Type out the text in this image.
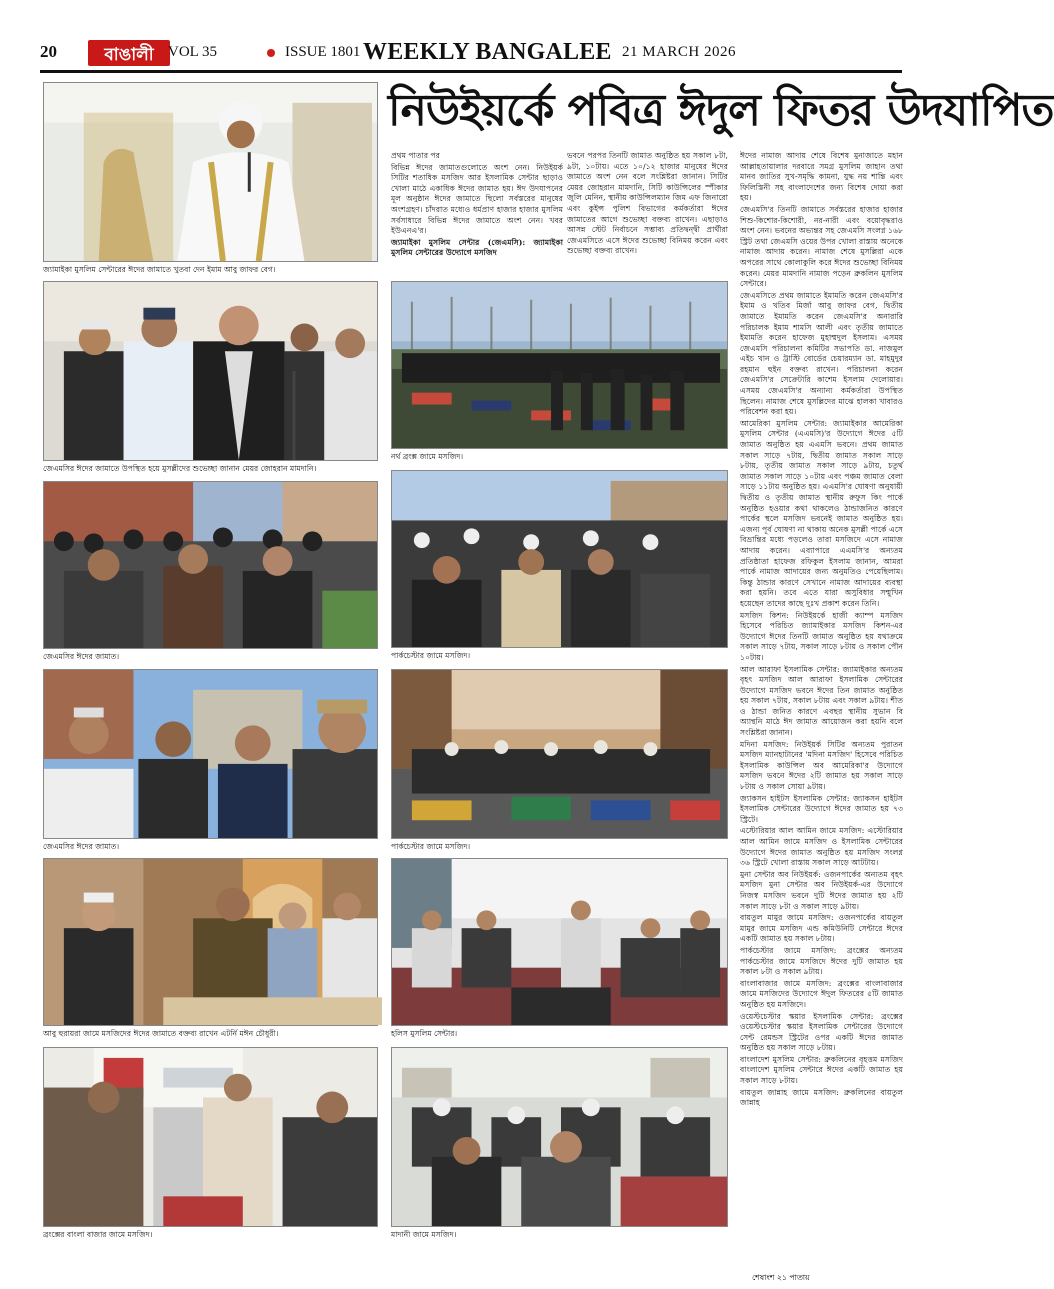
20	বাঙালী VOL 35	ISSUE 1801 WEEKLY BANGALEE 21 MARCH 2026
নিউইয়র্কে পবিত্র ঈদুল ফিতর উদযাপিত
জ্যামাইকা মুসলিম সেন্টারের ঈদের জামাতে খুতবা দেন ইমাম আবু জাফর বেগ।
জেএমসির ঈদের জামাতে উপস্থিত হয়ে মুসল্লীদের শুভেচ্ছা জানান মেয়র জোহরান মামদানি।
নর্থ ব্রংক্স জামে মসজিদ।
জেএমসির ঈদের জামাত।	পার্কচেস্টার জামে মসজিদ।
জেএমসির ঈদের জামাত।	পার্কচেস্টার জামে মসজিদ।
আবু হুরায়রা জামে মসজিদের ঈদের জামাতে বক্তব্য রাখেন এটর্নি মঈন চৌধুরী।	হলিস মুসলিম সেন্টার।
ব্রংক্সের বাংলা বাজার জামে মসজিদ।	মাদানী জামে মসজিদ।

প্রথম পাতার পর

বিভিন্ন ঈদের জামাতগুলোতে অংশ নেন। নিউইয়র্ক সিটির শতাধিক মসজিদ আর ইসলামিক সেন্টার ছাড়াও খোলা মাঠে একাধিক ঈদের জামাত হয়। ঈদ উদযাপনের মূল অনুষ্ঠান ঈদের জামাতে ছিলো সর্বস্তরের মানুষের অংশগ্রহণ। চাঁদরাত মধ্যেও ধর্মপ্রাণ হাজার হাজার মুসলিম সর্বসাধারে বিভিন্ন ঈদের জামাতে অংশ নেন। খবর ইউএনএ'র।

জ্যামাইকা মুসলিম সেন্টার (জেএমসি): জ্যামাইকা মুসলিম সেন্টারের উদ্যোগে মসজিদ

ভবনে পরপর তিনটি জামাত অনুষ্ঠিত হয় সকাল ৮টা, ৯টা, ১০টায়। এতে ১০/১২ হাজার মানুষের ঈদের জামাতে অংশ নেন বলে সংশ্লিষ্টরা জানান। সিটির মেয়র জোহরান মামদানি, সিটি কাউন্সিলের স্পীকার জুলি মেনিন, স্থানীয় কাউন্সিলম্যান জিম এফ জিনারো এবং কুইন্স পুলিশ বিভাগের কর্মকর্তারা ঈদের জামাতের আগে শুভেচ্ছা বক্তব্য রাখেন। এছাড়াও আসন্ন স্টেট নির্বাচনে সম্ভাব্য প্রতিদ্বন্দ্বী প্রার্থীরা জেএমসিতে এসে ঈদের শুভেচ্ছা বিনিময় করেন এবং শুভেচ্ছা বক্তব্য রাখেন।

ঈদের নামাজ আদায় শেষে বিশেষ মুনাজাতে মহান আল্লাহতায়ালার দরবারে সমগ্র মুসলিম জাহান তথা মানব জাতির সুখ-সমৃদ্ধি কামনা, যুদ্ধ নয় শান্তি এবং ফিলিস্তিনী সহ বাংলাদেশের জন্য বিশেষ দোয়া করা হয়।

জেএমসি'র তিনটি জামাতে সর্বস্তরের হাজার হাজার শিশু-কিশোর-কিশোরী, নর-নারী এবং বয়োবৃদ্ধরাও অংশ নেন। ভবনের অভ্যন্তর সহ জেএমসি সংলগ্ন ১৬৮ স্ট্রিট তথা জেএমসি ওয়ের উপর খোলা রাস্তায় অনেকে নামাজ আদায় করেন। নামাজ শেষে মুসল্লিরা একে অপরের সাথে কোলাকুলি করে ঈদের শুভেচ্ছা বিনিময় করেন। মেয়র মামদানি নামাজ পড়েন ব্রুকলিন মুসলিম সেন্টারে।

জেএমসিতে প্রথম জামাতে ইমামতি করেন জেএমসি'র ইমাম ও খতিব মির্জা আবু জাফর বেগ, দ্বিতীয় জামাতে ইমামতি করেন জেএমসি'র অনারারি পরিচালক ইমাম শামসি আলী এবং তৃতীয় জামাতে ইমামতি করেন হাফেজ মুহাম্মদুল ইসলাম। এসময় জেএমসি পরিচালনা কমিটির সভাপতি ডা. নাজমুল এইচ খান ও ট্রাস্টি বোর্ডের চেয়ারম্যান ডা. মাহমুদুর রহমান হুইন বক্তব্য রাখেন। পরিচালনা করেন জেএমসি'র সেক্রেটারি কাশেম ইসলাম দেলোয়ার। এসময় জেএমসি'র অন্যান্য কর্মকর্তারা উপস্থিত ছিলেন। নামাজ শেষে মুসল্লিদের মাঝে হালকা খাবারও পরিবেশন করা হয়।

আমেরিকা মুসলিম সেন্টার: জ্যামাইকার আমেরিকা মুসলিম সেন্টার (এএমসি)'র উদ্যোগে ঈদের ৫টি জামাত অনুষ্ঠিত হয় এএমসি ভবনে। প্রথম জামাত সকাল সাড়ে ৭টায়, দ্বিতীয় জামাত সকাল সাড়ে ৮টায়, তৃতীয় জামাত সকাল সাড়ে ৯টায়, চতুর্থ জামাত সকাল সাড়ে ১০টায় এবং পঞ্চম জামাত বেলা সাড়ে ১১টায় অনুষ্ঠিত হয়। এএমসি'র ঘোষণা অনুযায়ী দ্বিতীয় ও তৃতীয় জামাত স্থানীয় রুফুস কিং পার্কে অনুষ্ঠিত হওয়ার কথা থাকলেও ঠান্ডাজনিত কারণে পার্কের স্থলে মসজিদ ভবনেই জামাত অনুষ্ঠিত হয়। এজন্য পূর্ব ঘোষণা না থাকায় অনেক মুসল্লী পার্কে এসে বিভ্রান্তির মধ্যে পড়লেও তারা মসজিদে এসে নামাজ আদায় করেন। এব্যাপারে এএমসি'র অন্যতম প্রতিষ্ঠাতা হাফেজ রফিকুল ইসলাম জানান, আমরা পার্কে নামাজ আদায়ের জন্য অনুমতিও পেয়েছিলাম। কিন্তু ঠান্ডার কারণে সেখানে নামাজ আদায়ের ব্যবস্থা করা হয়নি। তবে এতে যারা অসুবিধার সম্মুখিন হয়েছেন তাদের কাছে দুঃখ প্রকাশ করেন তিনি।

মসজিদ কিশন: নিউইয়র্কে হাজী ক্যাম্প মসজিদ হিসেবে পরিচিত জ্যামাইকার মসজিদ কিশন-এর উদ্যোগে ঈদের তিনটি জামাত অনুষ্ঠিত হয় যথাক্রমে সকাল সাড়ে ৭টায়, সকাল সাড়ে ৮টায় ও সকাল পৌন ১০টায়।

আল আরাফা ইসলামিক সেন্টার: জ্যামাইকার অন্যতম বৃহৎ মসজিদ আল আরাফা ইসলামিক সেন্টারের উদ্যোগে মসজিদ ভবনে ঈদের তিন জামাত অনুষ্ঠিত হয় সকাল ৭টায়, সকাল ৮টায় এবং সকাল ৯টায়। শীত ও ঠান্ডা জনিত কারণে এবছর স্থানীয় সুভান বি অ্যান্থনি মাঠে ঈদ জামাত আয়োজন করা হয়নি বলে সংশ্লিষ্টরা জানান।

মদিনা মসজিদ: নিউইয়র্ক সিটির অন্যতম পুরাতন মসজিদ ম্যানহাটানের 'মদিনা মসজিদ' হিসেবে পরিচিত ইসলামিক কাউন্সিল অব আমেরিকা'র উদ্যোগে মসজিদ ভবনে ঈদের ২টি জামাত হয় সকাল সাড়ে ৮টায় ও সকাল সোয়া ৯টায়।

জ্যাকসন হাইটস ইসলামিক সেন্টার: জ্যাকসন হাইটস ইসলামিক সেন্টারের উদ্যোগে ঈদের জামাত হয় ৭৩ স্ট্রিটে।

এস্টোরিয়ার আল আমিন জামে মসজিদ: এস্টোরিয়ার আল আমিন জামে মসজিদ ও ইসলামিক সেন্টারের উদ্যোগে ঈদের জামাত অনুষ্ঠিত হয় মসজিদ সংলগ্ন ৩৬ স্ট্রিটে খোলা রাস্তায় সকাল সাড়ে আটটায়।

মুনা সেন্টার অব নিউইয়র্ক: ওজনপার্কের অন্যতম বৃহৎ মসজিদ মুনা সেন্টার অব নিউইয়র্ক-এর উদ্যোগে নিজস্ব মসজিদ ভবনে দুটি ঈদের জামাত হয় ২টি সকাল সাড়ে ৮টা ও সকাল সাড়ে ৯টায়।

বায়তুল মামুর জামে মসজিদ: ওজনপার্কের বায়তুল মামুর জামে মসজিদ এন্ড কমিউনিটি সেন্টারে ঈদের একটি জামাত হয় সকাল ৮টায়।

পার্কচেস্টার জামে মসজিদ: ব্রংক্সের অন্যতম পার্কচেস্টার জামে মসজিদে ঈদের দুটি জামাত হয় সকাল ৮টা ও সকাল ৯টায়।

বাংলাবাজার জামে মসজিদ: ব্রংক্সের বাংলাবাজার জামে মসজিদের উদ্যোগে ঈদুল ফিতরের ৫টি জামাত অনুষ্ঠিত হয় মসজিদে।

ওয়েস্টচেস্টার স্কয়ার ইসলামিক সেন্টার: ব্রংক্সের ওয়েস্টচেস্টার স্কয়ার ইসলামিক সেন্টারের উদ্যোগে সেন্ট রেমন্ডস স্ট্রিটের ওপর একটি ঈদের জামাত অনুষ্ঠিত হয় সকাল সাড়ে ৮টায়।

বাংলাদেশ মুসলিম সেন্টার: ব্রুকলিনের বৃহত্তম মসজিদ বাংলাদেশ মুসলিম সেন্টারে ঈদের একটি জামাত হয় সকাল সাড়ে ৮টায়।

বায়তুল জান্নাহ জামে মসজিদ: ব্রুকলিনের বায়তুল জান্নাহ

শেষাংশ ২১ পাতায়
